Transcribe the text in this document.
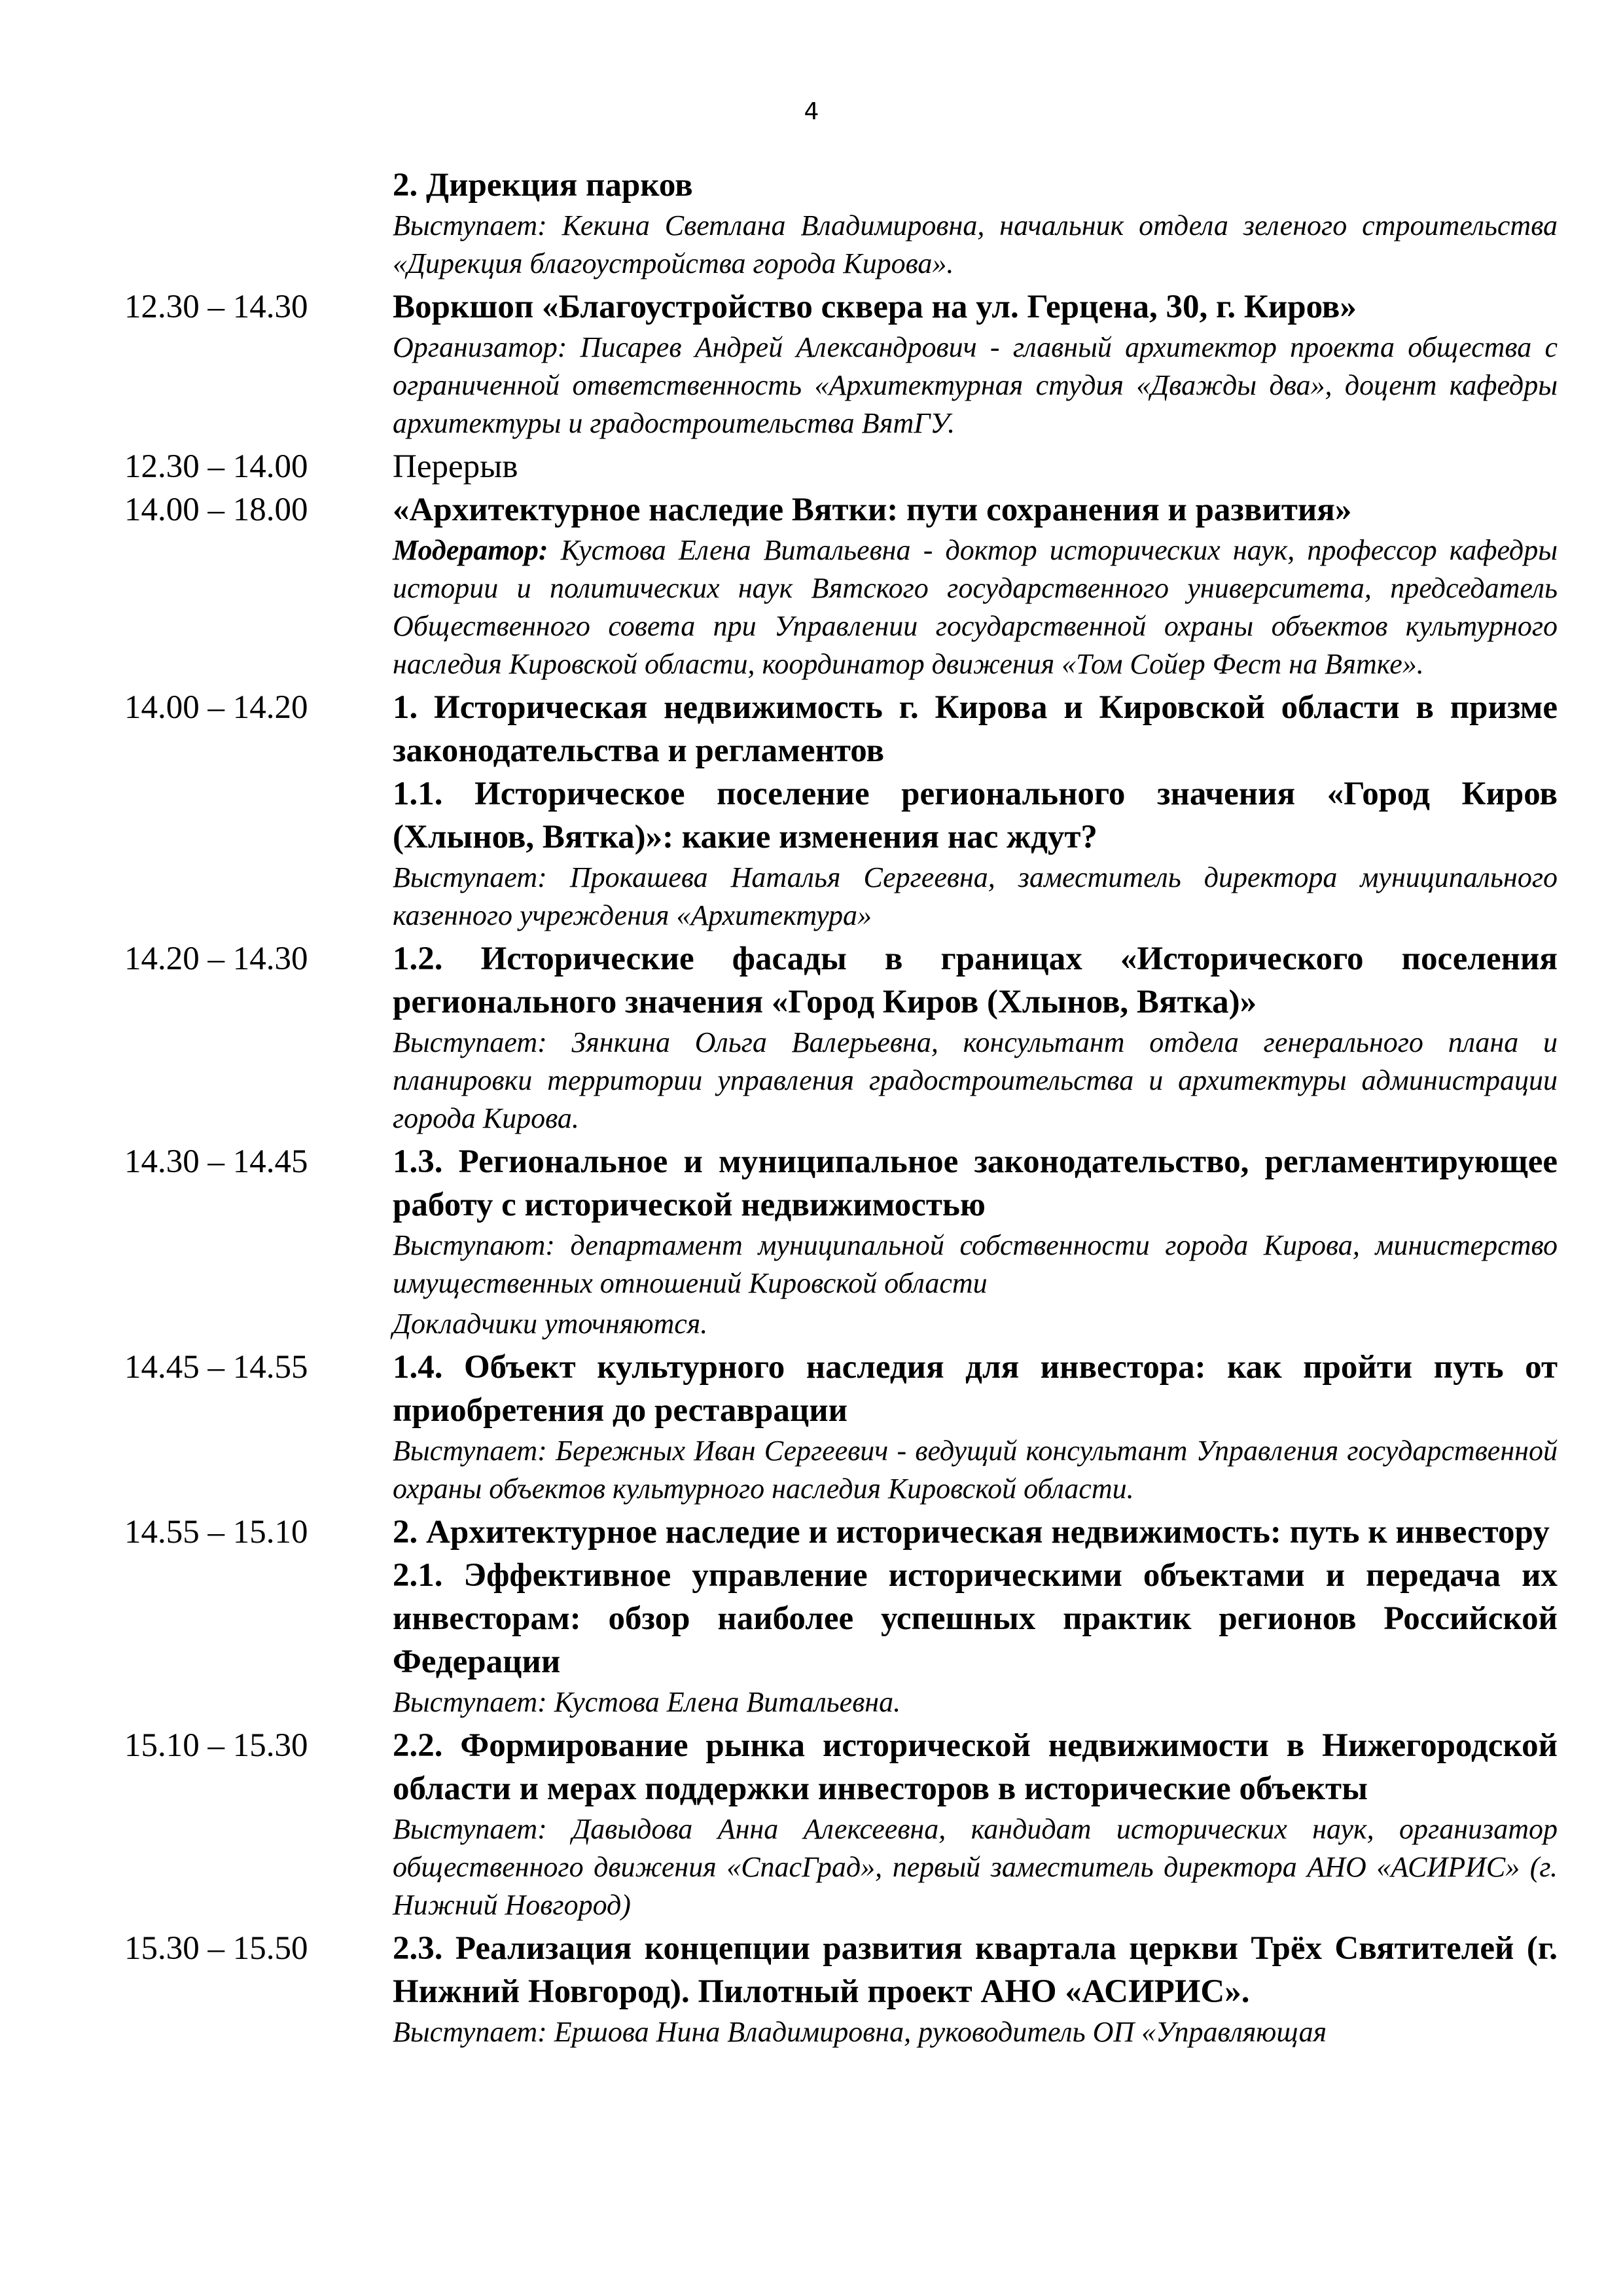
4
2. Дирекция парков
Выступает: Кекина Светлана Владимировна, начальник отдела зеленого строительства «Дирекция благоустройства города Кирова».
12.30 – 14.30	Воркшоп «Благоустройство сквера на ул. Герцена, 30, г. Киров»
Организатор: Писарев Андрей Александрович - главный архитектор проекта общества с ограниченной ответственность «Архитектурная студия «Дважды два», доцент кафедры архитектуры и градостроительства ВятГУ.
12.30 – 14.00	Перерыв
14.00 – 18.00	«Архитектурное наследие Вятки: пути сохранения и развития»
Модератор: Кустова Елена Витальевна - доктор исторических наук, профессор кафедры истории и политических наук Вятского государственного университета, председатель Общественного совета при Управлении государственной охраны объектов культурного наследия Кировской области, координатор движения «Том Сойер Фест на Вятке».
14.00 – 14.20	1. Историческая недвижимость г. Кирова и Кировской области в призме законодательства и регламентов
1.1. Историческое поселение регионального значения «Город Киров (Хлынов, Вятка)»: какие изменения нас ждут?
Выступает: Прокашева Наталья Сергеевна, заместитель директора муниципального казенного учреждения «Архитектура»
14.20 – 14.30	1.2. Исторические фасады в границах «Исторического поселения регионального значения «Город Киров (Хлынов, Вятка)»
Выступает: Зянкина Ольга Валерьевна, консультант отдела генерального плана и планировки территории управления градостроительства и архитектуры администрации города Кирова.
14.30 – 14.45	1.3. Региональное и муниципальное законодательство, регламентирующее работу с исторической недвижимостью
Выступают: департамент муниципальной собственности города Кирова, министерство имущественных отношений Кировской области
Докладчики уточняются.
14.45 – 14.55	1.4. Объект культурного наследия для инвестора: как пройти путь от приобретения до реставрации
Выступает: Бережных Иван Сергеевич - ведущий консультант Управления государственной охраны объектов культурного наследия Кировской области.
14.55 – 15.10	2. Архитектурное наследие и историческая недвижимость: путь к инвестору
2.1. Эффективное управление историческими объектами и передача их инвесторам: обзор наиболее успешных практик регионов Российской Федерации
Выступает: Кустова Елена Витальевна.
15.10 – 15.30	2.2. Формирование рынка исторической недвижимости в Нижегородской области и мерах поддержки инвесторов в исторические объекты
Выступает: Давыдова Анна Алексеевна, кандидат исторических наук, организатор общественного движения «СпасГрад», первый заместитель директора АНО «АСИРИС» (г. Нижний Новгород)
15.30 – 15.50	2.3. Реализация концепции развития квартала церкви Трёх Святителей (г. Нижний Новгород). Пилотный проект АНО «АСИРИС».
Выступает: Ершова Нина Владимировна, руководитель ОП «Управляющая
